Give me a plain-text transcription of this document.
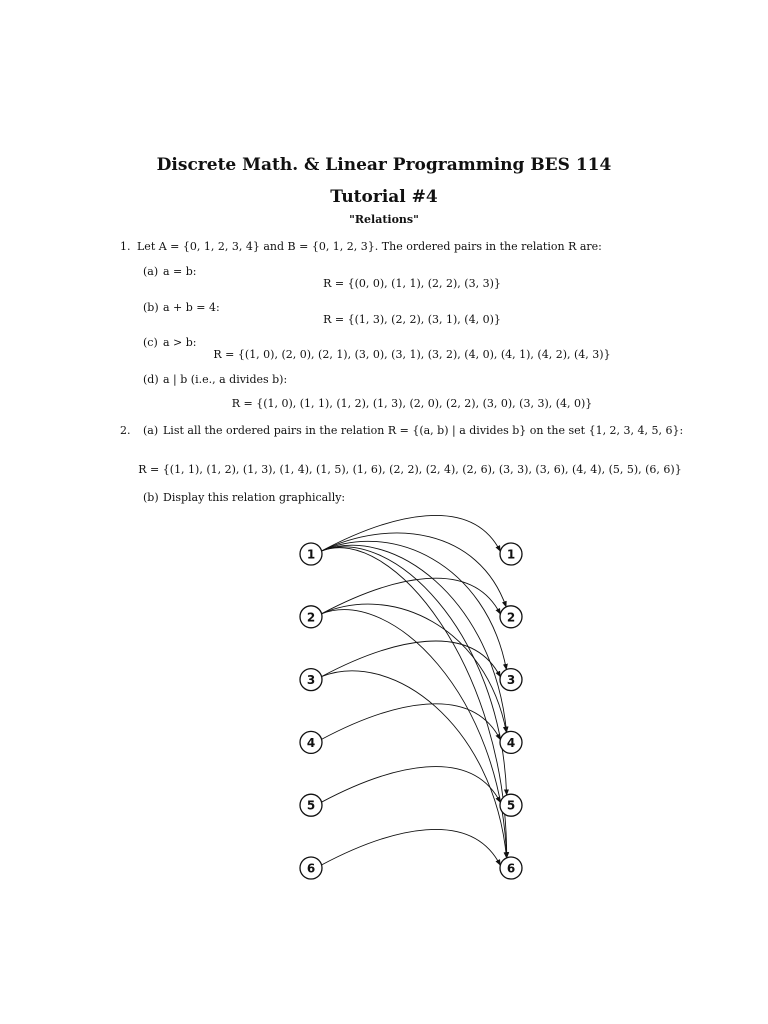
Discrete Math. & Linear Programming BES 114
Tutorial #4
"Relations"
1. Let A = {0, 1, 2, 3, 4} and B = {0, 1, 2, 3}. The ordered pairs in the relation R are:
(a) a = b:
R = {(0, 0), (1, 1), (2, 2), (3, 3)}
(b) a + b = 4:
R = {(1, 3), (2, 2), (3, 1), (4, 0)}
(c) a > b:
R = {(1, 0), (2, 0), (2, 1), (3, 0), (3, 1), (3, 2), (4, 0), (4, 1), (4, 2), (4, 3)}
(d) a | b (i.e., a divides b):
R = {(1, 0), (1, 1), (1, 2), (1, 3), (2, 0), (2, 2), (3, 0), (3, 3), (4, 0)}
2. (a) List all the ordered pairs in the relation R = {(a, b) | a divides b} on the set {1, 2, 3, 4, 5, 6}:
R = {(1, 1), (1, 2), (1, 3), (1, 4), (1, 5), (1, 6), (2, 2), (2, 4), (2, 6), (3, 3), (3, 6), (4, 4), (5, 5), (6, 6)}
(b) Display this relation graphically:
1
2
3
4
5
6
1
2
3
4
5
6
